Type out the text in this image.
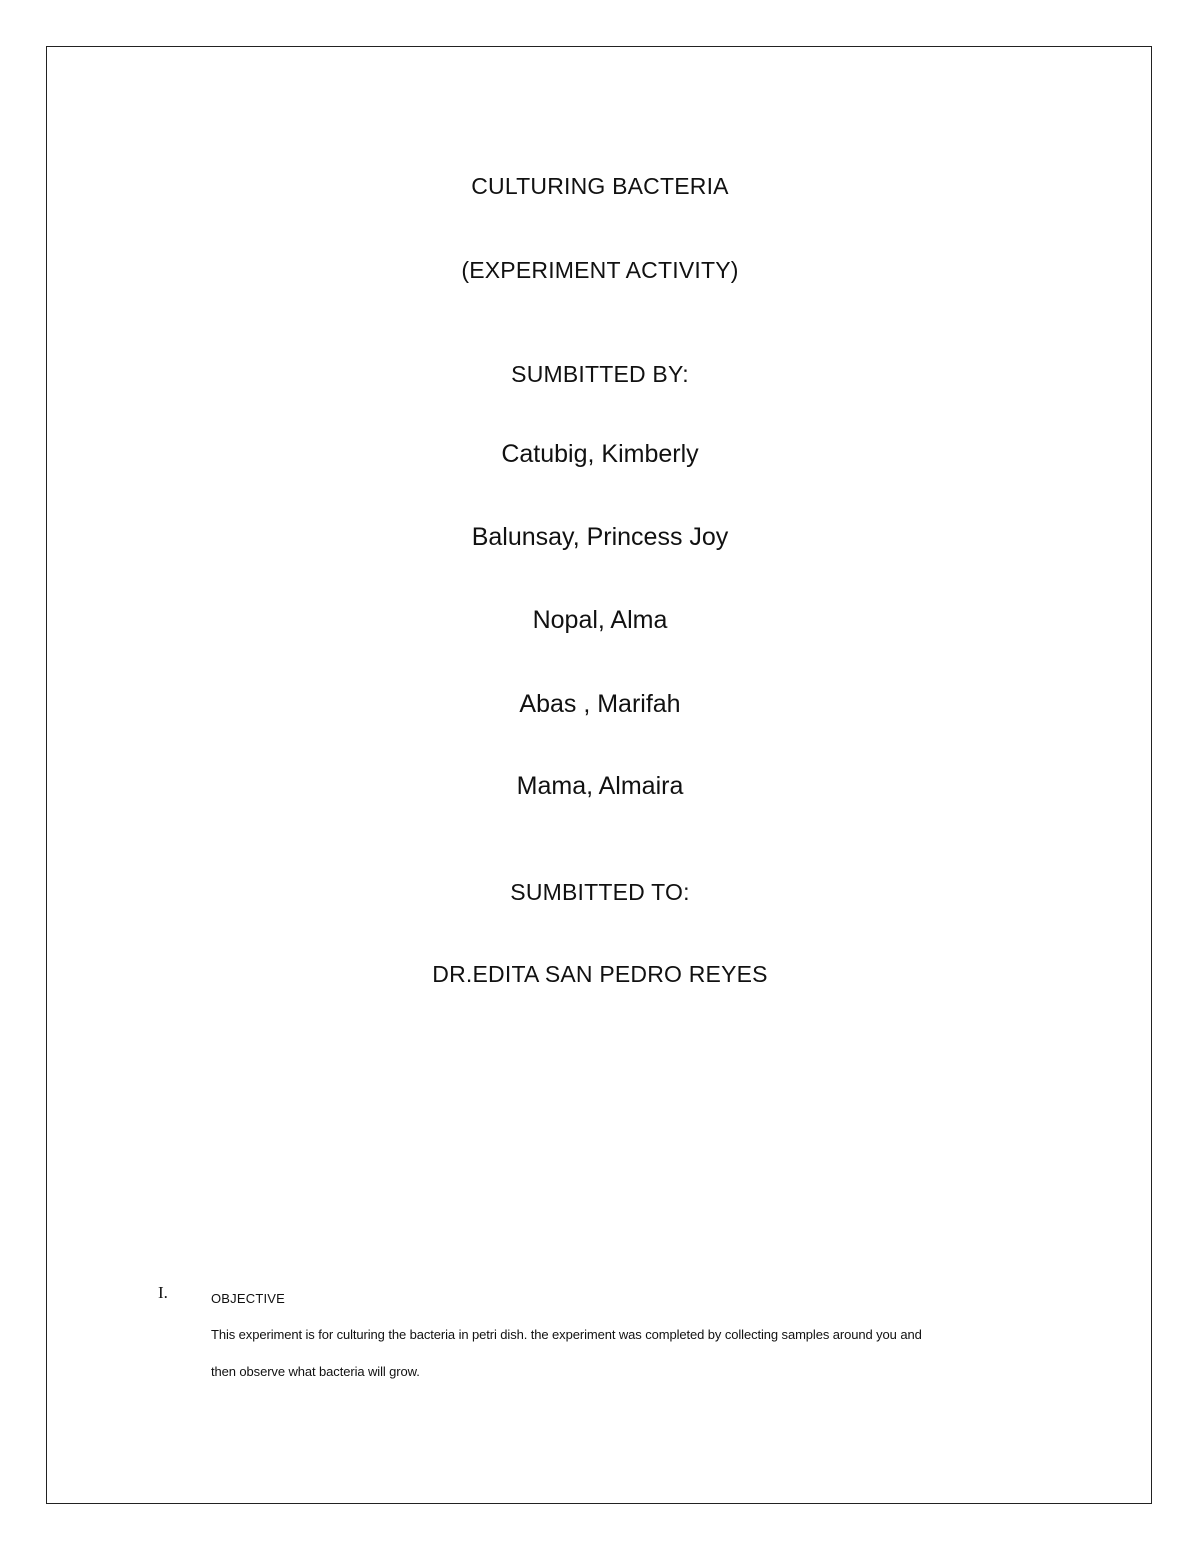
CULTURING BACTERIA
(EXPERIMENT ACTIVITY)
SUMBITTED BY:
Catubig, Kimberly
Balunsay, Princess Joy
Nopal, Alma
Abas , Marifah
Mama, Almaira
SUMBITTED TO:
DR.EDITA SAN PEDRO REYES
I.	OBJECTIVE
This experiment is for culturing the bacteria in petri dish. the experiment was completed by collecting samples around you and
then observe what bacteria will grow.
